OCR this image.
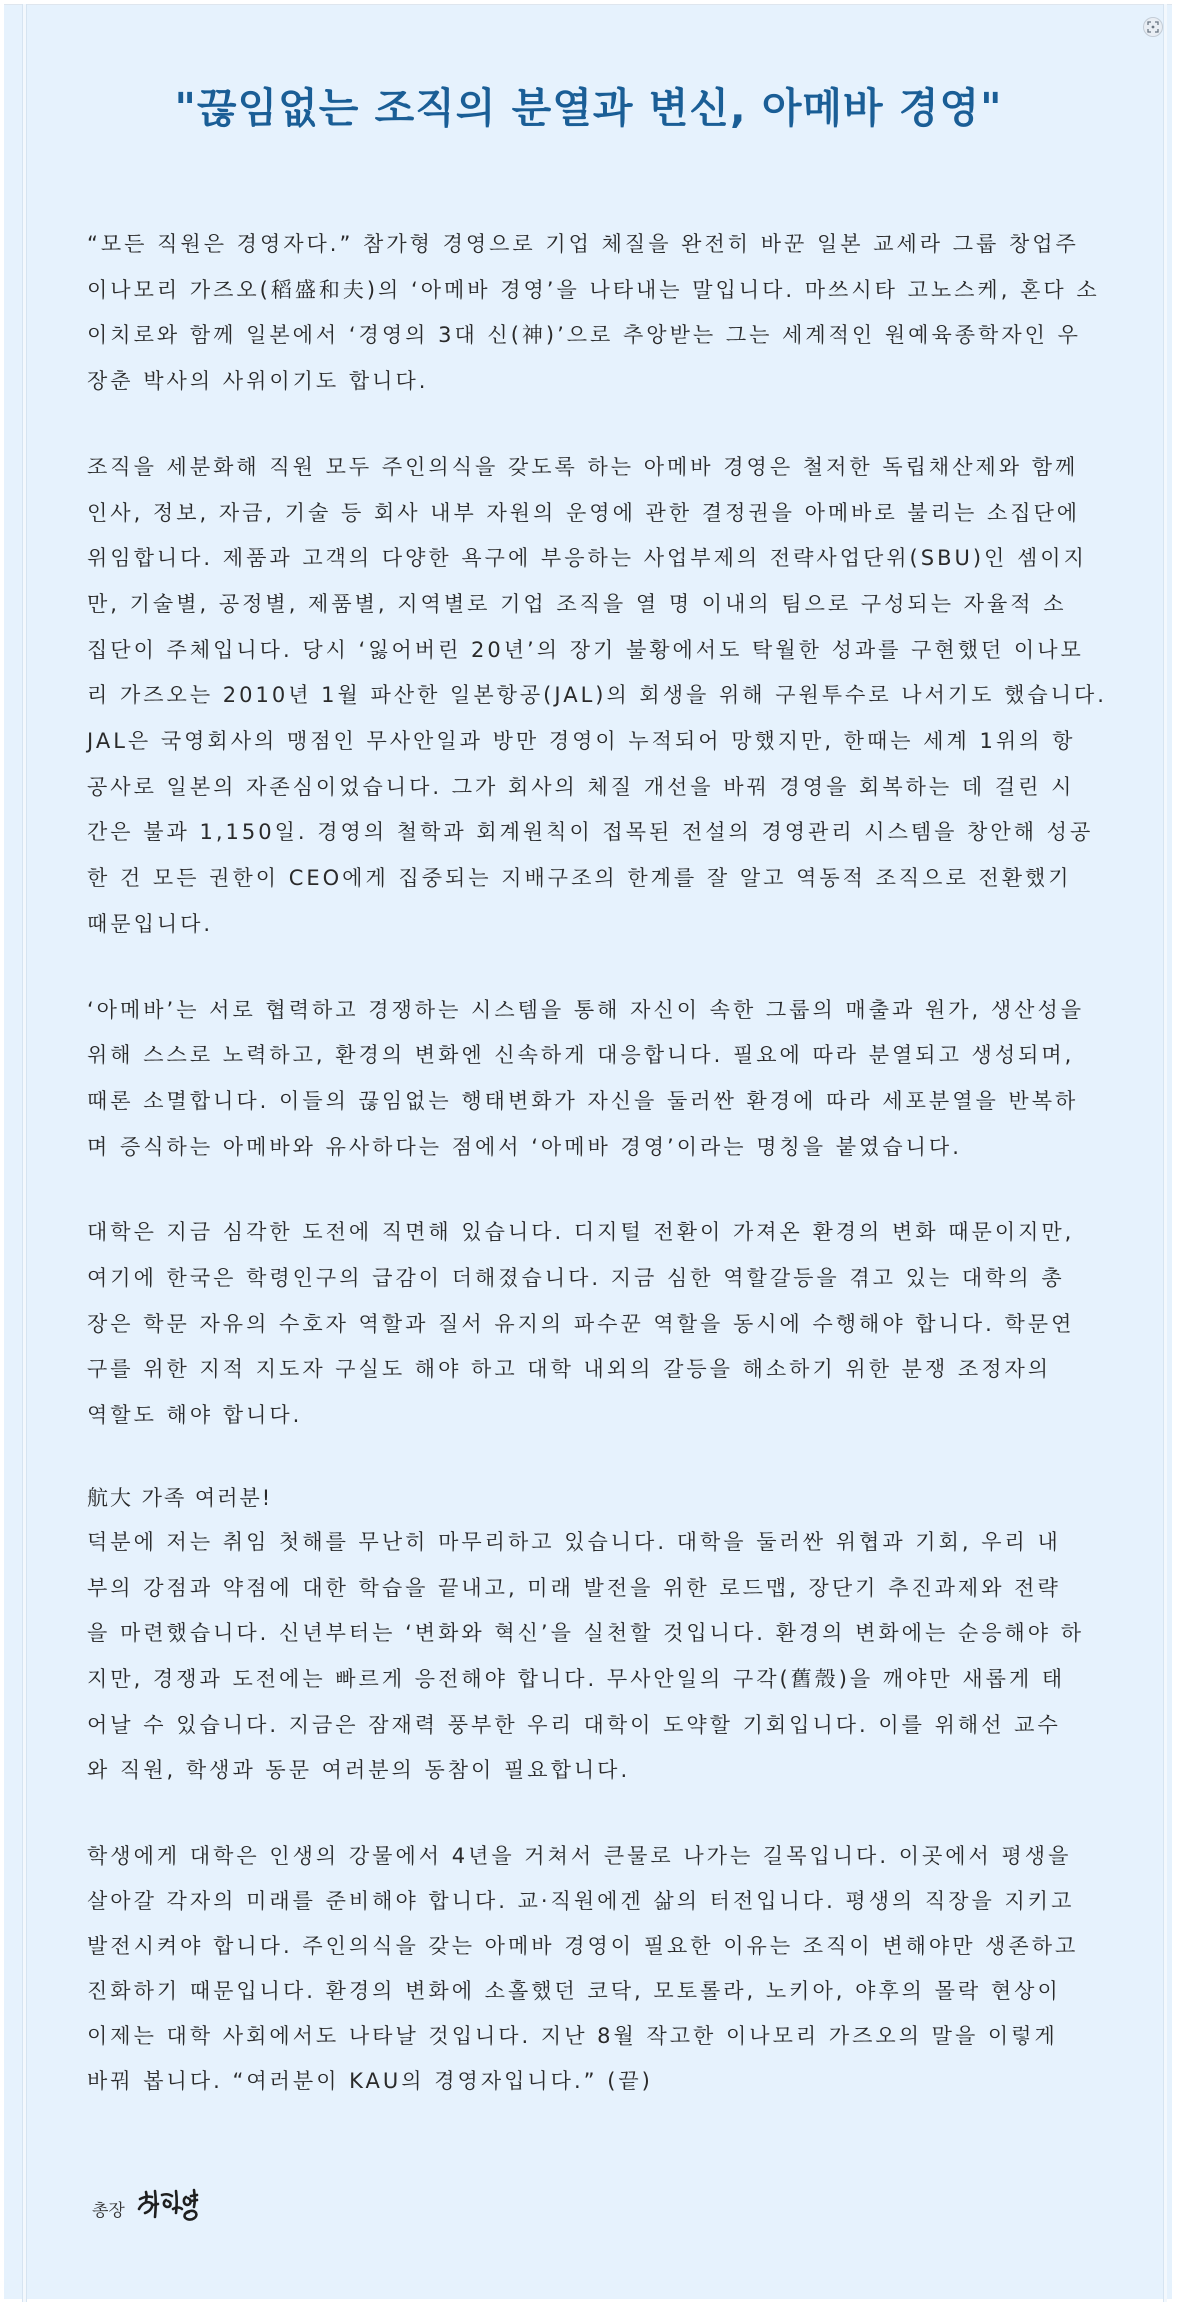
"끊임없는 조직의 분열과 변신, 아메바 경영"

“모든 직원은 경영자다.” 참가형 경영으로 기업 체질을 완전히 바꾼 일본 교세라 그룹 창업주

이나모리 가즈오(稻盛和夫)의 ‘아메바 경영’을 나타내는 말입니다. 마쓰시타 고노스케, 혼다 소

이치로와 함께 일본에서 ‘경영의 3대 신(神)’으로 추앙받는 그는 세계적인 원예육종학자인 우

장춘 박사의 사위이기도 합니다.

조직을 세분화해 직원 모두 주인의식을 갖도록 하는 아메바 경영은 철저한 독립채산제와 함께

인사, 정보, 자금, 기술 등 회사 내부 자원의 운영에 관한 결정권을 아메바로 불리는 소집단에

위임합니다. 제품과 고객의 다양한 욕구에 부응하는 사업부제의 전략사업단위(SBU)인 셈이지

만, 기술별, 공정별, 제품별, 지역별로 기업 조직을 열 명 이내의 팀으로 구성되는 자율적 소

집단이 주체입니다. 당시 ‘잃어버린 20년’의 장기 불황에서도 탁월한 성과를 구현했던 이나모

리 가즈오는 2010년 1월 파산한 일본항공(JAL)의 회생을 위해 구원투수로 나서기도 했습니다.

JAL은 국영회사의 맹점인 무사안일과 방만 경영이 누적되어 망했지만, 한때는 세계 1위의 항

공사로 일본의 자존심이었습니다. 그가 회사의 체질 개선을 바꿔 경영을 회복하는 데 걸린 시

간은 불과 1,150일. 경영의 철학과 회계원칙이 접목된 전설의 경영관리 시스템을 창안해 성공

한 건 모든 권한이 CEO에게 집중되는 지배구조의 한계를 잘 알고 역동적 조직으로 전환했기

때문입니다.

‘아메바’는 서로 협력하고 경쟁하는 시스템을 통해 자신이 속한 그룹의 매출과 원가, 생산성을

위해 스스로 노력하고, 환경의 변화엔 신속하게 대응합니다. 필요에 따라 분열되고 생성되며,

때론 소멸합니다. 이들의 끊임없는 행태변화가 자신을 둘러싼 환경에 따라 세포분열을 반복하

며 증식하는 아메바와 유사하다는 점에서 ‘아메바 경영’이라는 명칭을 붙였습니다.

대학은 지금 심각한 도전에 직면해 있습니다. 디지털 전환이 가져온 환경의 변화 때문이지만,

여기에 한국은 학령인구의 급감이 더해졌습니다. 지금 심한 역할갈등을 겪고 있는 대학의 총

장은 학문 자유의 수호자 역할과 질서 유지의 파수꾼 역할을 동시에 수행해야 합니다. 학문연

구를 위한 지적 지도자 구실도 해야 하고 대학 내외의 갈등을 해소하기 위한 분쟁 조정자의

역할도 해야 합니다.

航大 가족 여러분!

덕분에 저는 취임 첫해를 무난히 마무리하고 있습니다. 대학을 둘러싼 위협과 기회, 우리 내

부의 강점과 약점에 대한 학습을 끝내고, 미래 발전을 위한 로드맵, 장단기 추진과제와 전략

을 마련했습니다. 신년부터는 ‘변화와 혁신’을 실천할 것입니다. 환경의 변화에는 순응해야 하

지만, 경쟁과 도전에는 빠르게 응전해야 합니다. 무사안일의 구각(舊殼)을 깨야만 새롭게 태

어날 수 있습니다. 지금은 잠재력 풍부한 우리 대학이 도약할 기회입니다. 이를 위해선 교수

와 직원, 학생과 동문 여러분의 동참이 필요합니다.

학생에게 대학은 인생의 강물에서 4년을 거쳐서 큰물로 나가는 길목입니다. 이곳에서 평생을

살아갈 각자의 미래를 준비해야 합니다. 교·직원에겐 삶의 터전입니다. 평생의 직장을 지키고

발전시켜야 합니다. 주인의식을 갖는 아메바 경영이 필요한 이유는 조직이 변해야만 생존하고

진화하기 때문입니다. 환경의 변화에 소홀했던 코닥, 모토롤라, 노키아, 야후의 몰락 현상이

이제는 대학 사회에서도 나타날 것입니다. 지난 8월 작고한 이나모리 가즈오의 말을 이렇게

바꿔 봅니다. “여러분이 KAU의 경영자입니다.” (끝)

총장
